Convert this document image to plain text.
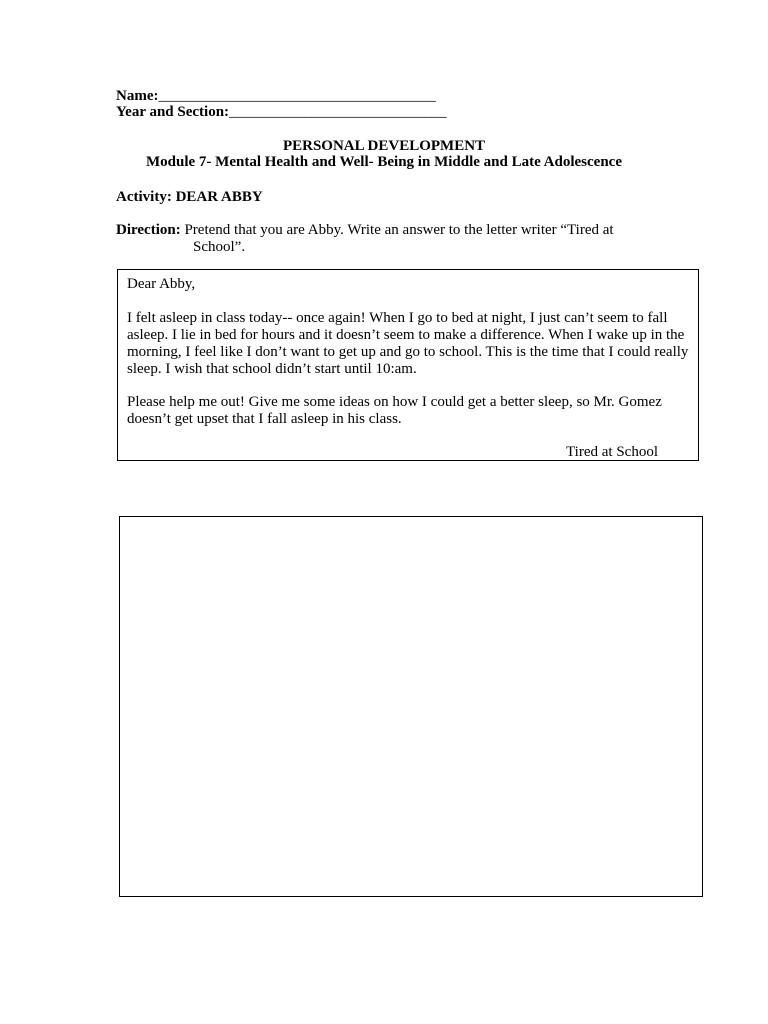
Name:_____________________________________
Year and Section:_____________________________
PERSONAL DEVELOPMENT
Module 7- Mental Health and Well- Being in Middle and Late Adolescence
Activity: DEAR ABBY
Direction: Pretend that you are Abby. Write an answer to the letter writer “Tired at
School”.

Dear Abby,

I felt asleep in class today-- once again! When I go to bed at night, I just can’t seem to fall asleep. I lie in bed for hours and it doesn’t seem to make a difference. When I wake up in the morning, I feel like I don’t want to get up and go to school. This is the time that I could really sleep. I wish that school didn’t start until 10:am.

Please help me out! Give me some ideas on how I could get a better sleep, so Mr. Gomez doesn’t get upset that I fall asleep in his class.

Tired at School
